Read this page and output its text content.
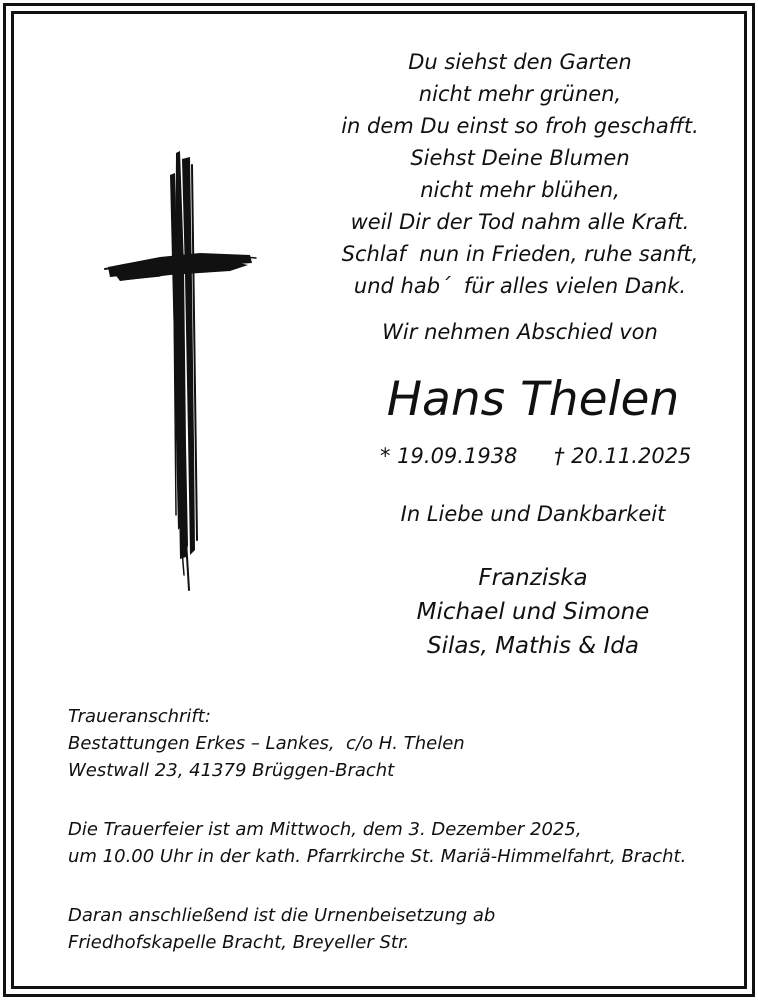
Du siehst den Garten
nicht mehr grünen,
in dem Du einst so froh geschafft.
Siehst Deine Blumen
nicht mehr blühen,
weil Dir der Tod nahm alle Kraft.
Schlaf  nun in Frieden, ruhe sanft,
und hab´  für alles vielen Dank.
Wir nehmen Abschied von
Hans Thelen
* 19.09.1938 † 20.11.2025
In Liebe und Dankbarkeit
Franziska
Michael und Simone
Silas, Mathis & Ida
Traueranschrift:
Bestattungen Erkes – Lankes,  c/o H. Thelen
Westwall 23, 41379 Brüggen-Bracht
Die Trauerfeier ist am Mittwoch, dem 3. Dezember 2025,
um 10.00 Uhr in der kath. Pfarrkirche St. Mariä-Himmelfahrt, Bracht.
Daran anschließend ist die Urnenbeisetzung ab
Friedhofskapelle Bracht, Breyeller Str.
